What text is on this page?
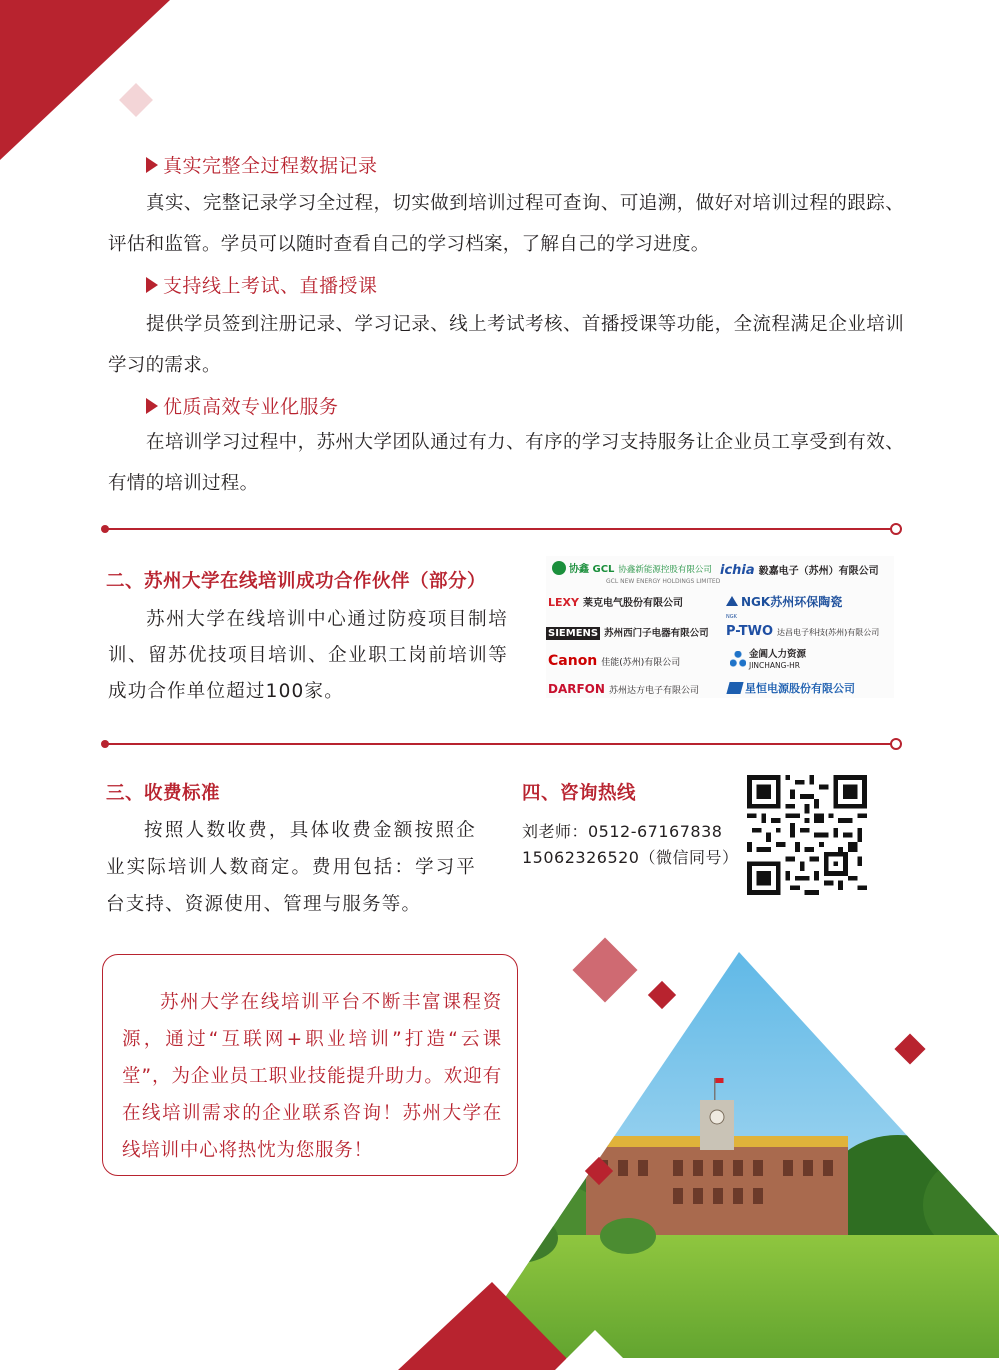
真实完整全过程数据记录
真实、完整记录学习全过程，切实做到培训过程可查询、可追溯，做好对培训过程的跟踪、评估和监管。学员可以随时查看自己的学习档案，了解自己的学习进度。
支持线上考试、直播授课
提供学员签到注册记录、学习记录、线上考试考核、首播授课等功能，全流程满足企业培训学习的需求。
优质高效专业化服务
在培训学习过程中，苏州大学团队通过有力、有序的学习支持服务让企业员工享受到有效、有情的培训过程。
二、苏州大学在线培训成功合作伙伴（部分）
苏州大学在线培训中心通过防疫项目制培训、留苏优技项目培训、企业职工岗前培训等成功合作单位超过100家。
协鑫 GCL 协鑫新能源控股有限公司
GCL NEW ENERGY HOLDINGS LIMITED
ichia 毅嘉电子（苏州）有限公司
LEXY 莱克电气股份有限公司	NGK苏州环保陶瓷
NGK
SIEMENS 苏州西门子电器有限公司 P-TWO 达昌电子科技(苏州)有限公司
Canon 佳能(苏州)有限公司
金阊人力资源
JINCHANG-HR
DARFON 苏州达方电子有限公司	星恒电源股份有限公司
三、收费标准
按照人数收费，具体收费金额按照企业实际培训人数商定。费用包括：学习平台支持、资源使用、管理与服务等。
四、咨询热线
刘老师：0512-67167838
15062326520（微信同号）
苏州大学在线培训平台不断丰富课程资源，通过“互联网+职业培训”打造“云课堂”，为企业员工职业技能提升助力。欢迎有在线培训需求的企业联系咨询！苏州大学在线培训中心将热忱为您服务！
